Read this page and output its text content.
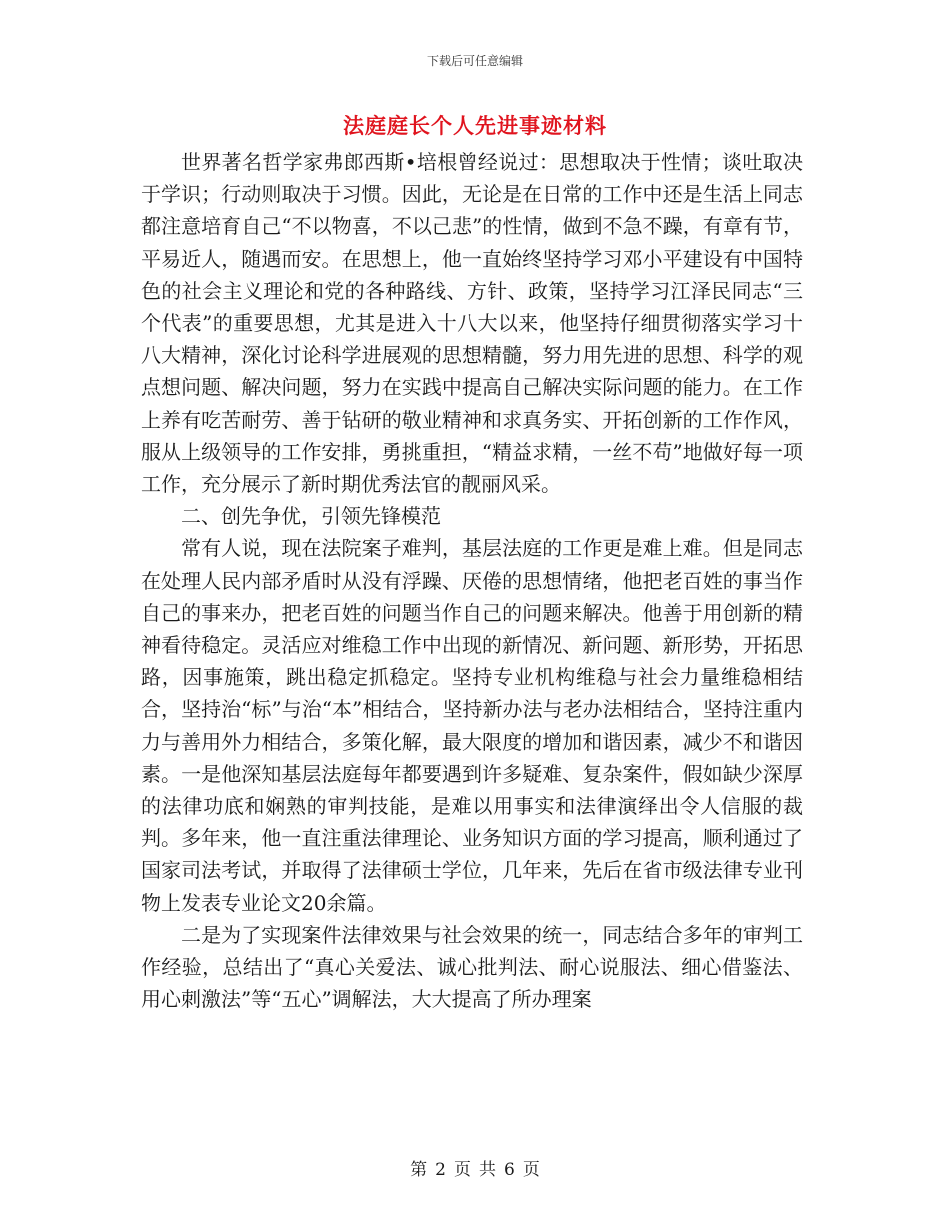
下载后可任意编辑
法庭庭长个人先进事迹材料

世界著名哲学家弗郎西斯•培根曾经说过：思想取决于性情；谈吐取决于学识；行动则取决于习惯。因此，无论是在日常的工作中还是生活上同志都注意培育自己“不以物喜，不以己悲”的性情，做到不急不躁，有章有节，平易近人，随遇而安。在思想上，他一直始终坚持学习邓小平建设有中国特色的社会主义理论和党的各种路线、方针、政策，坚持学习江泽民同志“三个代表”的重要思想，尤其是进入十八大以来，他坚持仔细贯彻落实学习十八大精神，深化讨论科学进展观的思想精髓，努力用先进的思想、科学的观点想问题、解决问题，努力在实践中提高自己解决实际问题的能力。在工作上养有吃苦耐劳、善于钻研的敬业精神和求真务实、开拓创新的工作作风，服从上级领导的工作安排，勇挑重担，“精益求精，一丝不苟”地做好每一项工作，充分展示了新时期优秀法官的靓丽风采。

二、创先争优，引领先锋模范

常有人说，现在法院案子难判，基层法庭的工作更是难上难。但是同志在处理人民内部矛盾时从没有浮躁、厌倦的思想情绪，他把老百姓的事当作自己的事来办，把老百姓的问题当作自己的问题来解决。他善于用创新的精神看待稳定。灵活应对维稳工作中出现的新情况、新问题、新形势，开拓思路，因事施策，跳出稳定抓稳定。坚持专业机构维稳与社会力量维稳相结合，坚持治“标”与治“本”相结合，坚持新办法与老办法相结合，坚持注重内力与善用外力相结合，多策化解，最大限度的增加和谐因素，减少不和谐因素。一是他深知基层法庭每年都要遇到许多疑难、复杂案件，假如缺少深厚的法律功底和娴熟的审判技能，是难以用事实和法律演绎出令人信服的裁判。多年来，他一直注重法律理论、业务知识方面的学习提高，顺利通过了国家司法考试，并取得了法律硕士学位，几年来，先后在省市级法律专业刊物上发表专业论文20余篇。

二是为了实现案件法律效果与社会效果的统一，同志结合多年的审判工作经验，总结出了“真心关爱法、诚心批判法、耐心说服法、细心借鉴法、用心刺激法”等“五心”调解法，大大提高了所办理案

第 2 页 共 6 页
